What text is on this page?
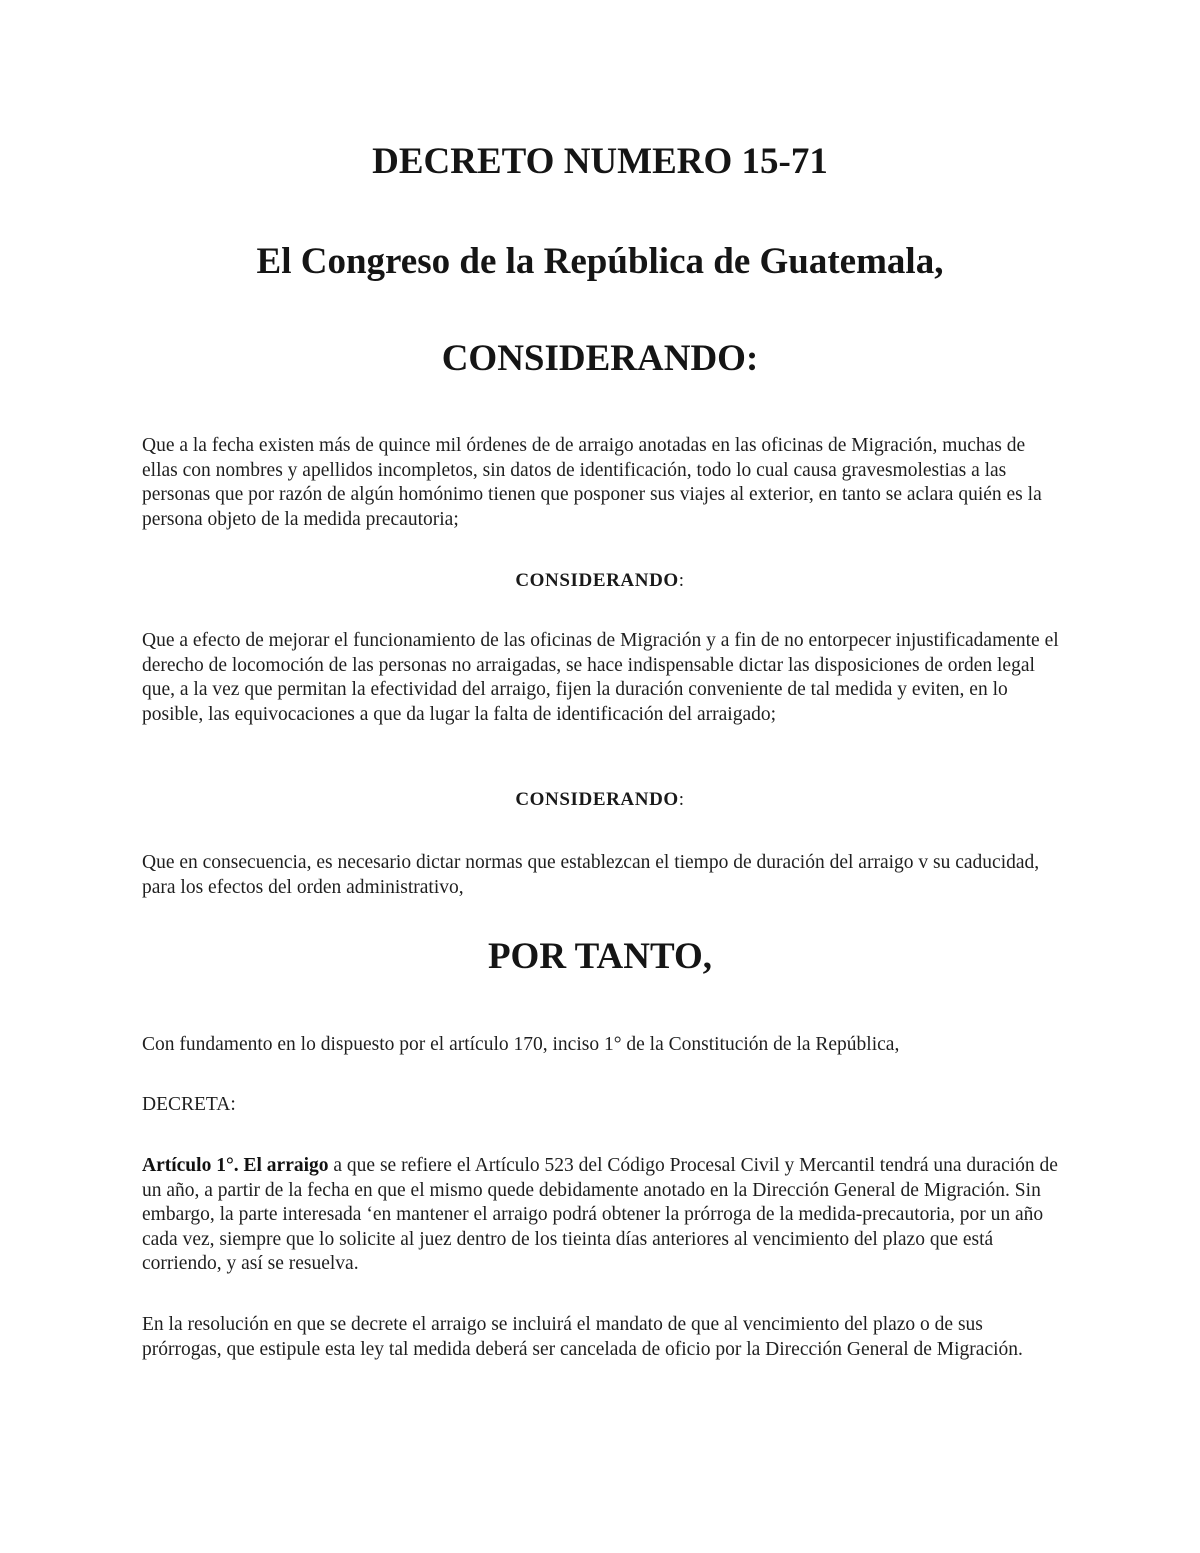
DECRETO NUMERO 15-71
El Congreso de la República de Guatemala,
CONSIDERANDO:

Que a la fecha existen más de quince mil órdenes de de arraigo anotadas en las oficinas de Migración, muchas de ellas con nombres y apellidos incompletos, sin datos de identificación, todo lo cual causa gravesmolestias a las personas que por razón de algún homónimo tienen que posponer sus viajes al exterior, en tanto se aclara quién es la persona objeto de la medida precautoria;

CONSIDERANDO:

Que a efecto de mejorar el funcionamiento de las oficinas de Migración y a fin de no entorpecer injustificadamente el derecho de locomoción de las personas no arraigadas, se hace indispensable dictar las disposiciones de orden legal que, a la vez que permitan la efectividad del arraigo, fijen la duración conveniente de tal medida y eviten, en lo posible, las equivocaciones a que da lugar la falta de identificación del arraigado;

CONSIDERANDO:

Que en consecuencia, es necesario dictar normas que establezcan el tiempo de duración del arraigo v su caducidad, para los efectos del orden administrativo,

POR TANTO,

Con fundamento en lo dispuesto por el artículo 170, inciso 1° de la Constitución de la República,

DECRETA:

Artículo 1°. El arraigo a que se refiere el Artículo 523 del Código Procesal Civil y Mercantil tendrá una duración de un año, a partir de la fecha en que el mismo quede debidamente anotado en la Dirección General de Migración. Sin embargo, la parte interesada ‘en mantener el arraigo podrá obtener la prórroga de la medida-precautoria, por un año cada vez, siempre que lo solicite al juez dentro de los tieinta días anteriores al vencimiento del plazo que está corriendo, y así se resuelva.

En la resolución en que se decrete el arraigo se incluirá el mandato de que al vencimiento del plazo o de sus prórrogas, que estipule esta ley tal medida deberá ser cancelada de oficio por la Dirección General de Migración.
